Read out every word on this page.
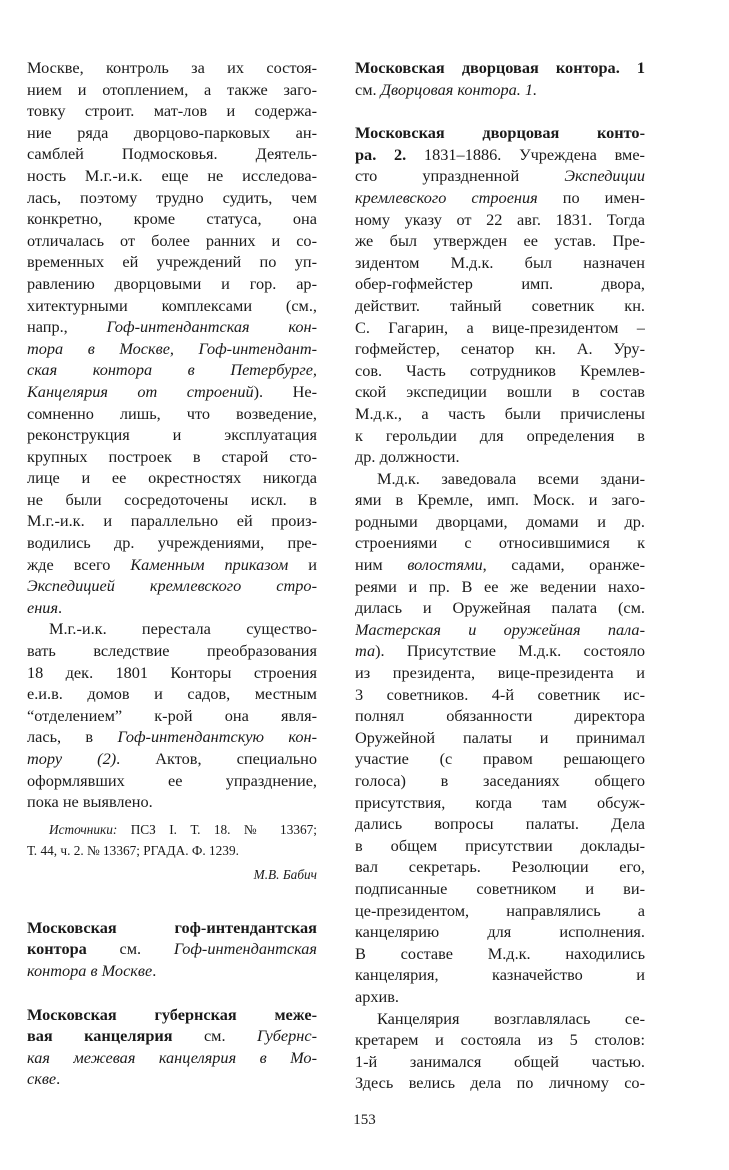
Москве, контроль за их состоя-
нием и отоплением, а также заго-
товку строит. мат-лов и содержа-
ние ряда дворцово-парковых ан-
самблей Подмосковья. Деятель-
ность М.г.-и.к. еще не исследова-
лась, поэтому трудно судить, чем
конкретно, кроме статуса, она
отличалась от более ранних и со-
временных ей учреждений по уп-
равлению дворцовыми и гор. ар-
хитектурными комплексами (см.,
напр., Гоф-интендантская кон-
тора в Москве, Гоф-интендант-
ская контора в Петербурге,
Канцелярия от строений). Не-
сомненно лишь, что возведение,
реконструкция и эксплуатация
крупных построек в старой сто-
лице и ее окрестностях никогда
не были сосредоточены искл. в
М.г.-и.к. и параллельно ей произ-
водились др. учреждениями, пре-
жде всего Каменным приказом и
Экспедицией кремлевского стро-
ения.
М.г.-и.к. перестала существо-
вать вследствие преобразования
18 дек. 1801 Конторы строения
е.и.в. домов и садов, местным
“отделением” к-рой она явля-
лась, в Гоф-интендантскую кон-
тору (2). Актов, специально
оформлявших ее упразднение,
пока не выявлено.
Источники: ПСЗ I. Т. 18. № 13367;
Т. 44, ч. 2. № 13367; РГАДА. Ф. 1239.
М.В. Бабич
Московская гоф-интендантская
контора см. Гоф-интендантская
контора в Москве.
Московская губернская меже-
вая канцелярия см. Губернс-
кая межевая канцелярия в Мо-
скве.
Московская дворцовая контора. 1
см. Дворцовая контора. 1.
Московская дворцовая конто-
ра. 2. 1831–1886. Учреждена вме-
сто упраздненной Экспедиции
кремлевского строения по имен-
ному указу от 22 авг. 1831. Тогда
же был утвержден ее устав. Пре-
зидентом М.д.к. был назначен
обер-гофмейстер имп. двора,
действит. тайный советник кн.
С. Гагарин, а вице-президентом –
гофмейстер, сенатор кн. А. Уру-
сов. Часть сотрудников Кремлев-
ской экспедиции вошли в состав
М.д.к., а часть были причислены
к герольдии для определения в
др. должности.
М.д.к. заведовала всеми здани-
ями в Кремле, имп. Моск. и заго-
родными дворцами, домами и др.
строениями с относившимися к
ним волостями, садами, оранже-
реями и пр. В ее же ведении нахо-
дилась и Оружейная палата (см.
Мастерская и оружейная пала-
та). Присутствие М.д.к. состояло
из президента, вице-президента и
3 советников. 4-й советник ис-
полнял обязанности директора
Оружейной палаты и принимал
участие (с правом решающего
голоса) в заседаниях общего
присутствия, когда там обсуж-
дались вопросы палаты. Дела
в общем присутствии доклады-
вал секретарь. Резолюции его,
подписанные советником и ви-
це-президентом, направлялись а
канцелярию для исполнения.
В составе М.д.к. находились
канцелярия, казначейство и
архив.
Канцелярия возглавлялась се-
кретарем и состояла из 5 столов:
1-й занимался общей частью.
Здесь велись дела по личному со-
153
